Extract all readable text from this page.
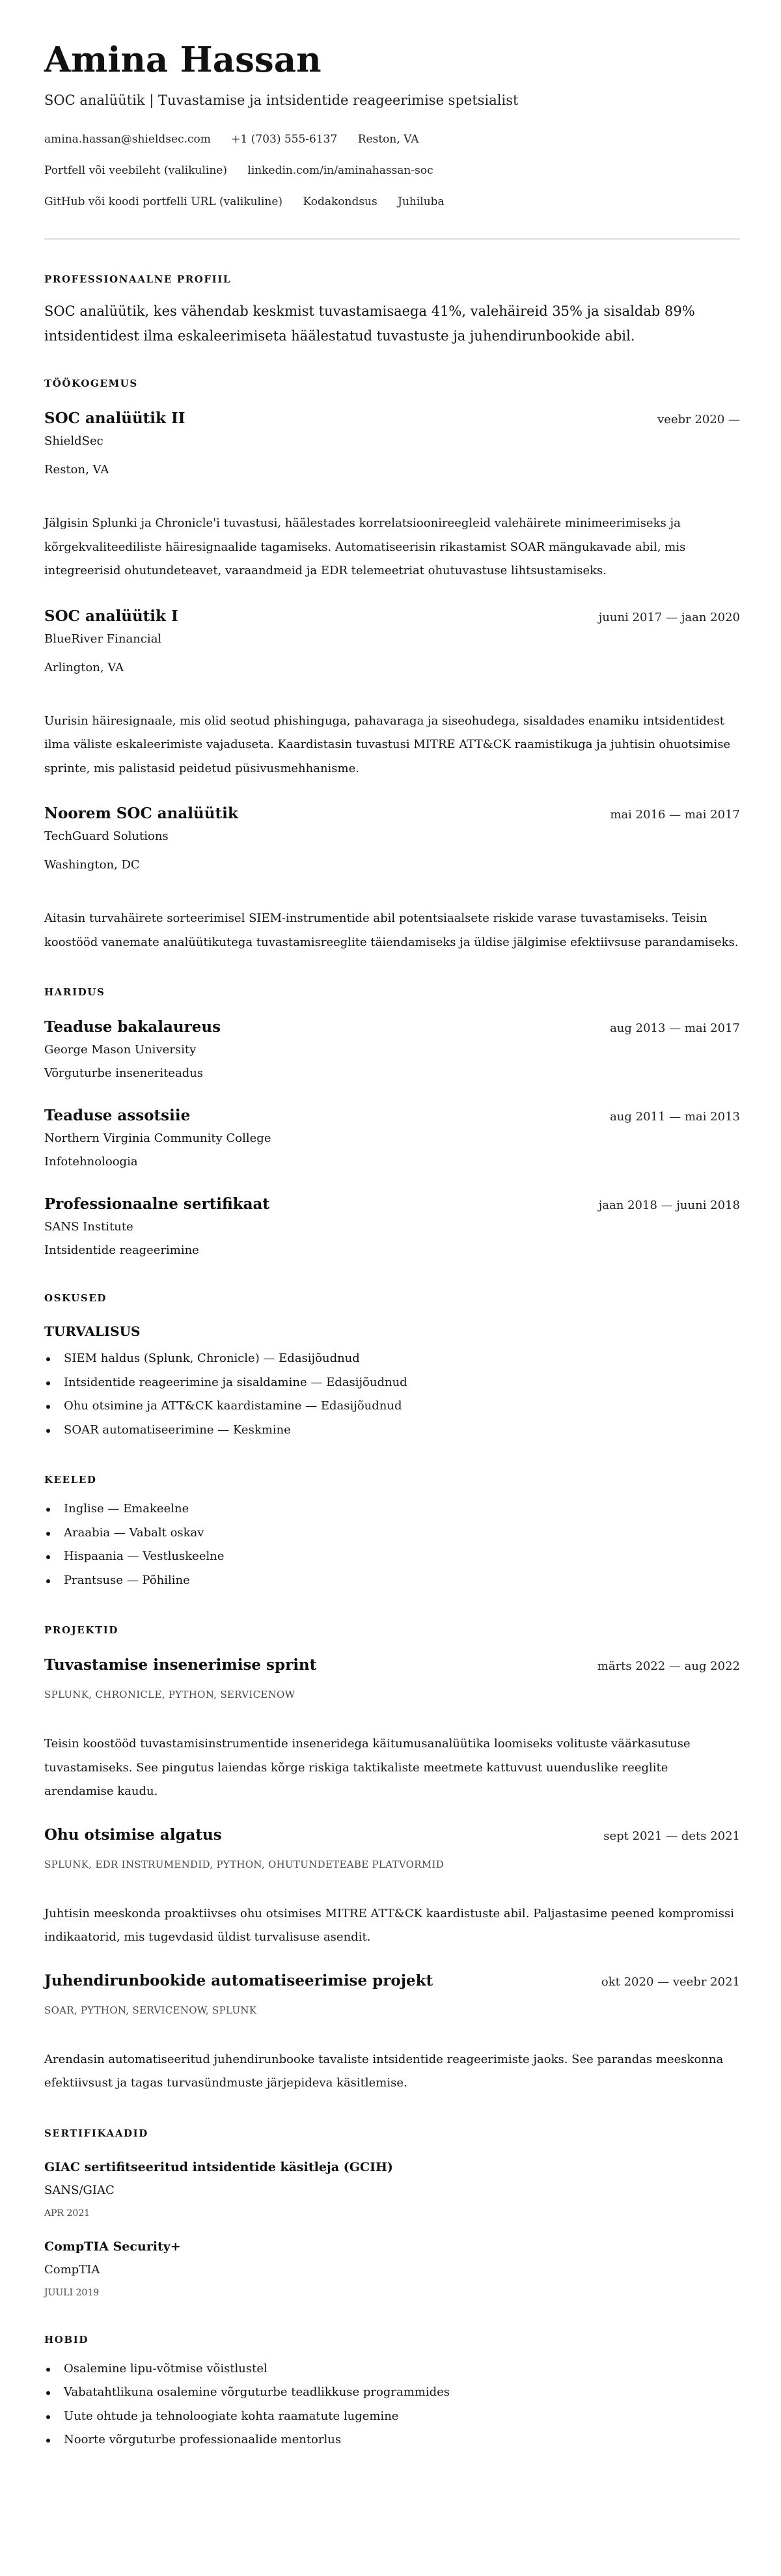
Amina Hassan
SOC analüütik | Tuvastamise ja intsidentide reageerimise spetsialist
amina.hassan@shieldsec.com +1 (703) 555-6137 Reston, VA
Portfell või veebileht (valikuline) linkedin.com/in/aminahassan-soc
GitHub või koodi portfelli URL (valikuline) Kodakondsus Juhiluba
PROFESSIONAALNE PROFIIL

SOC analüütik, kes vähendab keskmist tuvastamisaega 41%, valehäireid 35% ja sisaldab 89% intsidentidest ilma eskaleerimiseta häälestatud tuvastuste ja juhendirunbookide abil.

TÖÖKOGEMUS
SOC analüütik II	veebr 2020 —
ShieldSec
Reston, VA
Jälgisin Splunki ja Chronicle'i tuvastusi, häälestades korrelatsioonireegleid valehäirete minimeerimiseks ja kõrgekvaliteediliste häiresignaalide tagamiseks. Automatiseerisin rikastamist SOAR mängukavade abil, mis integreerisid ohutundeteavet, varaandmeid ja EDR telemeetriat ohutuvastuse lihtsustamiseks.
SOC analüütik I	juuni 2017 — jaan 2020
BlueRiver Financial
Arlington, VA
Uurisin häiresignaale, mis olid seotud phishinguga, pahavaraga ja siseohudega, sisaldades enamiku intsidentidest ilma väliste eskaleerimiste vajaduseta. Kaardistasin tuvastusi MITRE ATT&CK raamistikuga ja juhtisin ohuotsimise sprinte, mis palistasid peidetud püsivusmehhanisme.
Noorem SOC analüütik	mai 2016 — mai 2017
TechGuard Solutions
Washington, DC
Aitasin turvahäirete sorteerimisel SIEM-instrumentide abil potentsiaalsete riskide varase tuvastamiseks. Teisin koostööd vanemate analüütikutega tuvastamisreeglite täiendamiseks ja üldise jälgimise efektiivsuse parandamiseks.
HARIDUS
Teaduse bakalaureus	aug 2013 — mai 2017
George Mason University
Võrguturbe inseneriteadus
Teaduse assotsiie	aug 2011 — mai 2013
Northern Virginia Community College
Infotehnoloogia
Professionaalne sertifikaat	jaan 2018 — juuni 2018
SANS Institute
Intsidentide reageerimine
OSKUSED
TURVALISUS
SIEM haldus (Splunk, Chronicle) — Edasijõudnud
Intsidentide reageerimine ja sisaldamine — Edasijõudnud
Ohu otsimine ja ATT&CK kaardistamine — Edasijõudnud
SOAR automatiseerimine — Keskmine
KEELED
Inglise — Emakeelne
Araabia — Vabalt oskav
Hispaania — Vestluskeelne
Prantsuse — Põhiline
PROJEKTID
Tuvastamise insenerimise sprint	märts 2022 — aug 2022
SPLUNK, CHRONICLE, PYTHON, SERVICENOW
Teisin koostööd tuvastamisinstrumentide inseneridega käitumusanalüütika loomiseks volituste väärkasutuse tuvastamiseks. See pingutus laiendas kõrge riskiga taktikaliste meetmete kattuvust uuenduslike reeglite arendamise kaudu.
Ohu otsimise algatus	sept 2021 — dets 2021
SPLUNK, EDR INSTRUMENDID, PYTHON, OHUTUNDETEABE PLATVORMID
Juhtisin meeskonda proaktiivses ohu otsimises MITRE ATT&CK kaardistuste abil. Paljastasime peened kompromissi indikaatorid, mis tugevdasid üldist turvalisuse asendit.
Juhendirunbookide automatiseerimise projekt	okt 2020 — veebr 2021
SOAR, PYTHON, SERVICENOW, SPLUNK
Arendasin automatiseeritud juhendirunbooke tavaliste intsidentide reageerimiste jaoks. See parandas meeskonna efektiivsust ja tagas turvasündmuste järjepideva käsitlemise.
SERTIFIKAADID
GIAC sertifitseeritud intsidentide käsitleja (GCIH)
SANS/GIAC
APR 2021
CompTIA Security+
CompTIA
JUULI 2019
HOBID
Osalemine lipu-võtmise võistlustel
Vabatahtlikuna osalemine võrguturbe teadlikkuse programmides
Uute ohtude ja tehnoloogiate kohta raamatute lugemine
Noorte võrguturbe professionaalide mentorlus
